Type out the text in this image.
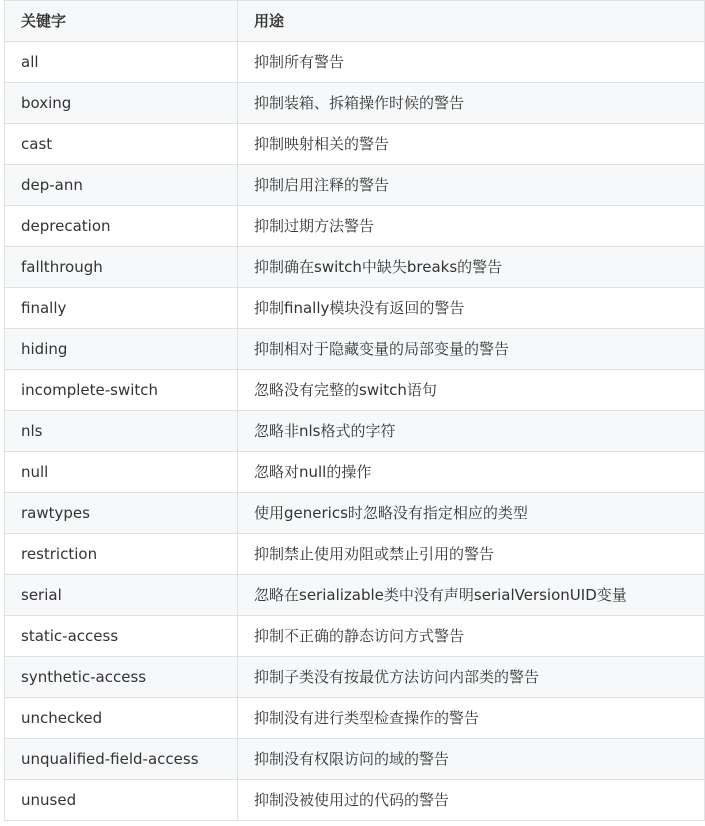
关键字	用途
all	抑制所有警告
boxing	抑制装箱、拆箱操作时候的警告
cast	抑制映射相关的警告
dep-ann	抑制启用注释的警告
deprecation	抑制过期方法警告
fallthrough	抑制确在switch中缺失breaks的警告
finally	抑制finally模块没有返回的警告
hiding	抑制相对于隐藏变量的局部变量的警告
incomplete-switch	忽略没有完整的switch语句
nls	忽略非nls格式的字符
null	忽略对null的操作
rawtypes	使用generics时忽略没有指定相应的类型
restriction	抑制禁止使用劝阻或禁止引用的警告
serial	忽略在serializable类中没有声明serialVersionUID变量
static-access	抑制不正确的静态访问方式警告
synthetic-access	抑制子类没有按最优方法访问内部类的警告
unchecked	抑制没有进行类型检查操作的警告
unqualified-field-access	抑制没有权限访问的域的警告
unused	抑制没被使用过的代码的警告
